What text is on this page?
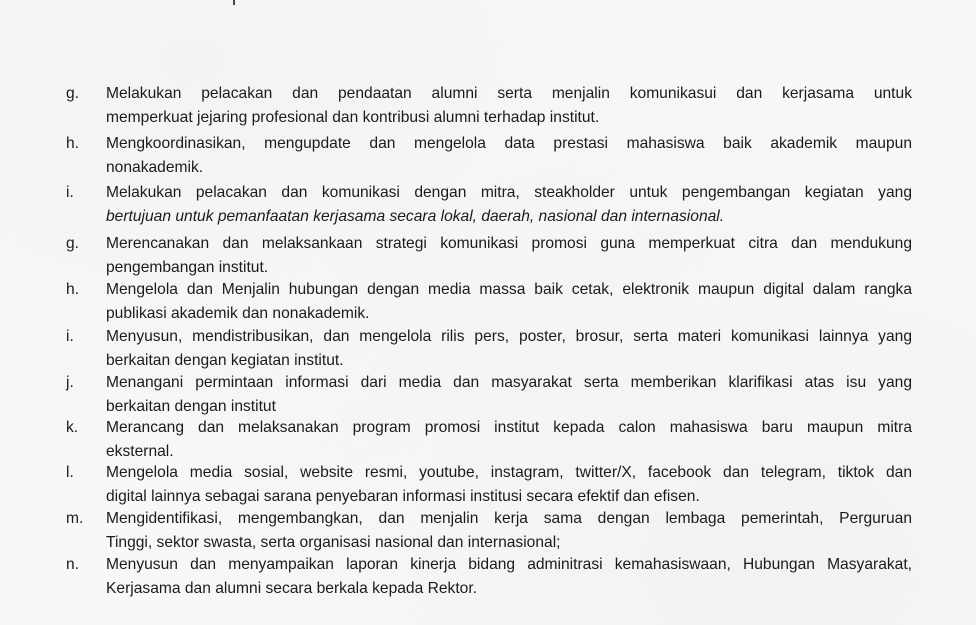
g.	Melakukan pelacakan dan pendaatan alumni serta menjalin komunikasui dan kerjasama untuk
memperkuat jejaring profesional dan kontribusi alumni terhadap institut.
h.	Mengkoordinasikan, mengupdate dan mengelola data prestasi mahasiswa baik akademik maupun
nonakademik.
i.	Melakukan pelacakan dan komunikasi dengan mitra, steakholder untuk pengembangan kegiatan yang
bertujuan untuk pemanfaatan kerjasama secara lokal, daerah, nasional dan internasional.
g.	Merencanakan dan melaksankaan strategi komunikasi promosi guna memperkuat citra dan mendukung
pengembangan institut.
h.	Mengelola dan Menjalin hubungan dengan media massa baik cetak, elektronik maupun digital dalam rangka
publikasi akademik dan nonakademik.
i.	Menyusun, mendistribusikan, dan mengelola rilis pers, poster, brosur, serta materi komunikasi lainnya yang
berkaitan dengan kegiatan institut.
j.	Menangani permintaan informasi dari media dan masyarakat serta memberikan klarifikasi atas isu yang
berkaitan dengan institut
k.	Merancang dan melaksanakan program promosi institut kepada calon mahasiswa baru maupun mitra
eksternal.
l.	Mengelola media sosial, website resmi, youtube, instagram, twitter/X, facebook dan telegram, tiktok dan
digital lainnya sebagai sarana penyebaran informasi institusi secara efektif dan efisen.
m.	Mengidentifikasi, mengembangkan, dan menjalin kerja sama dengan lembaga pemerintah, Perguruan
Tinggi, sektor swasta, serta organisasi nasional dan internasional;
n.	Menyusun dan menyampaikan laporan kinerja bidang adminitrasi kemahasiswaan, Hubungan Masyarakat,
Kerjasama dan alumni secara berkala kepada Rektor.
